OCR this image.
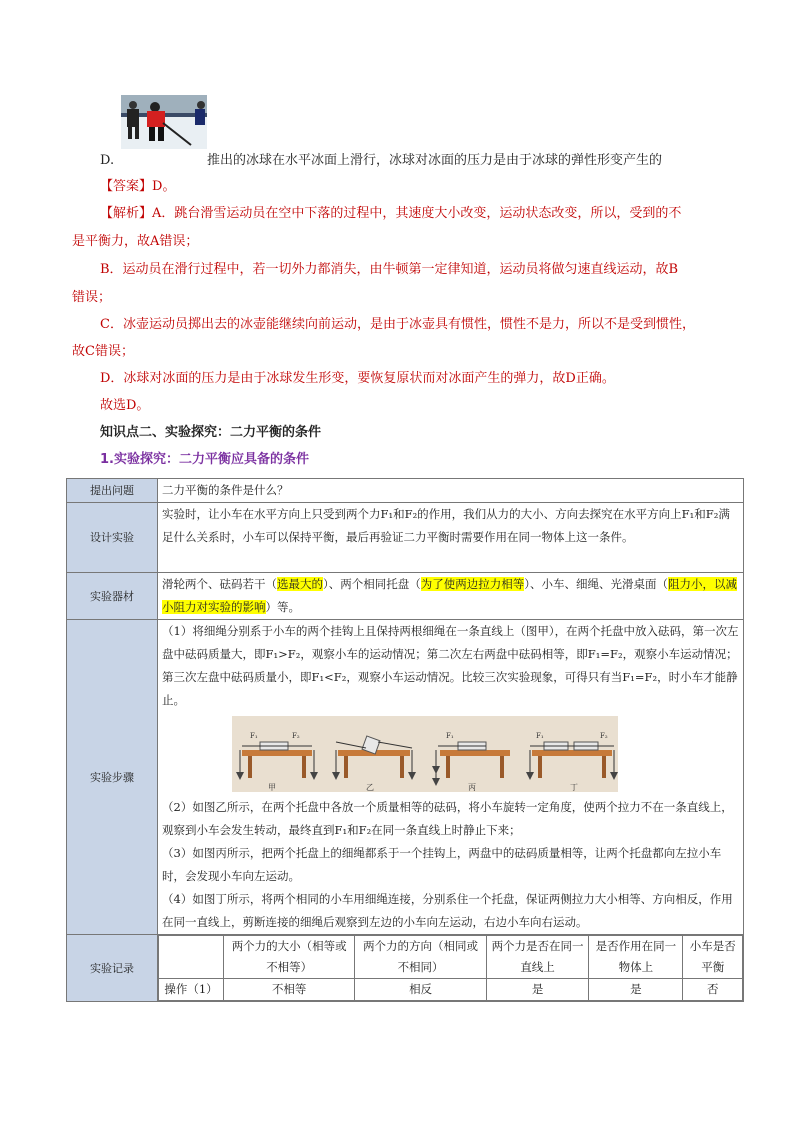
D.	推出的冰球在水平冰面上滑行，冰球对冰面的压力是由于冰球的弹性形变产生的
【答案】D。
【解析】A．跳台滑雪运动员在空中下落的过程中，其速度大小改变，运动状态改变，所以，受到的不
是平衡力，故A错误；
B．运动员在滑行过程中，若一切外力都消失，由牛顿第一定律知道，运动员将做匀速直线运动，故B
错误；
C．冰壶运动员掷出去的冰壶能继续向前运动，是由于冰壶具有惯性，惯性不是力，所以不是受到惯性，
故C错误；
D．冰球对冰面的压力是由于冰球发生形变，要恢复原状而对冰面产生的弹力，故D正确。
故选D。
知识点二、实验探究：二力平衡的条件
1.实验探究：二力平衡应具备的条件
提出问题	二力平衡的条件是什么？
设计实验	实验时，让小车在水平方向上只受到两个力F₁和F₂的作用，我们从力的大小、方向去探究在水平方向上F₁和F₂满足什么关系时，小车可以保持平衡，最后再验证二力平衡时需要作用在同一物体上这一条件。
实验器材	滑轮两个、砝码若干（选最大的）、两个相同托盘（为了使两边拉力相等）、小车、细绳、光滑桌面（阻力小，以减小阻力对实验的影响）等。
实验步骤	
（1）将细绳分别系于小车的两个挂钩上且保持两根细绳在一条直线上（图甲），在两个托盘中放入砝码，第一次左盘中砝码质量大，即F₁>F₂，观察小车的运动情况；第二次左右两盘中砝码相等，即F₁=F₂，观察小车运动情况；第三次左盘中砝码质量小，即F₁<F₂，观察小车运动情况。比较三次实验现象，可得只有当F₁=F₂，时小车才能静止。
F₁	F₂
甲	乙
F₁
丙
F₁	F₂
丁
（2）如图乙所示，在两个托盘中各放一个质量相等的砝码，将小车旋转一定角度，使两个拉力不在一条直线上，观察到小车会发生转动，最终直到F₁和F₂在同一条直线上时静止下来；
（3）如图丙所示，把两个托盘上的细绳都系于一个挂钩上，两盘中的砝码质量相等，让两个托盘都向左拉小车时，会发现小车向左运动。
（4）如图丁所示，将两个相同的小车用细绳连接，分别系住一个托盘，保证两侧拉力大小相等、方向相反，作用在同一直线上，剪断连接的细绳后观察到左边的小车向左运动，右边小车向右运动。

实验记录	
	两个力的大小（相等或不相等）	两个力的方向（相同或不相同）	两个力是否在同一直线上	是否作用在同一物体上	小车是否平衡
操作（1）	不相等	相反	是	是	否
